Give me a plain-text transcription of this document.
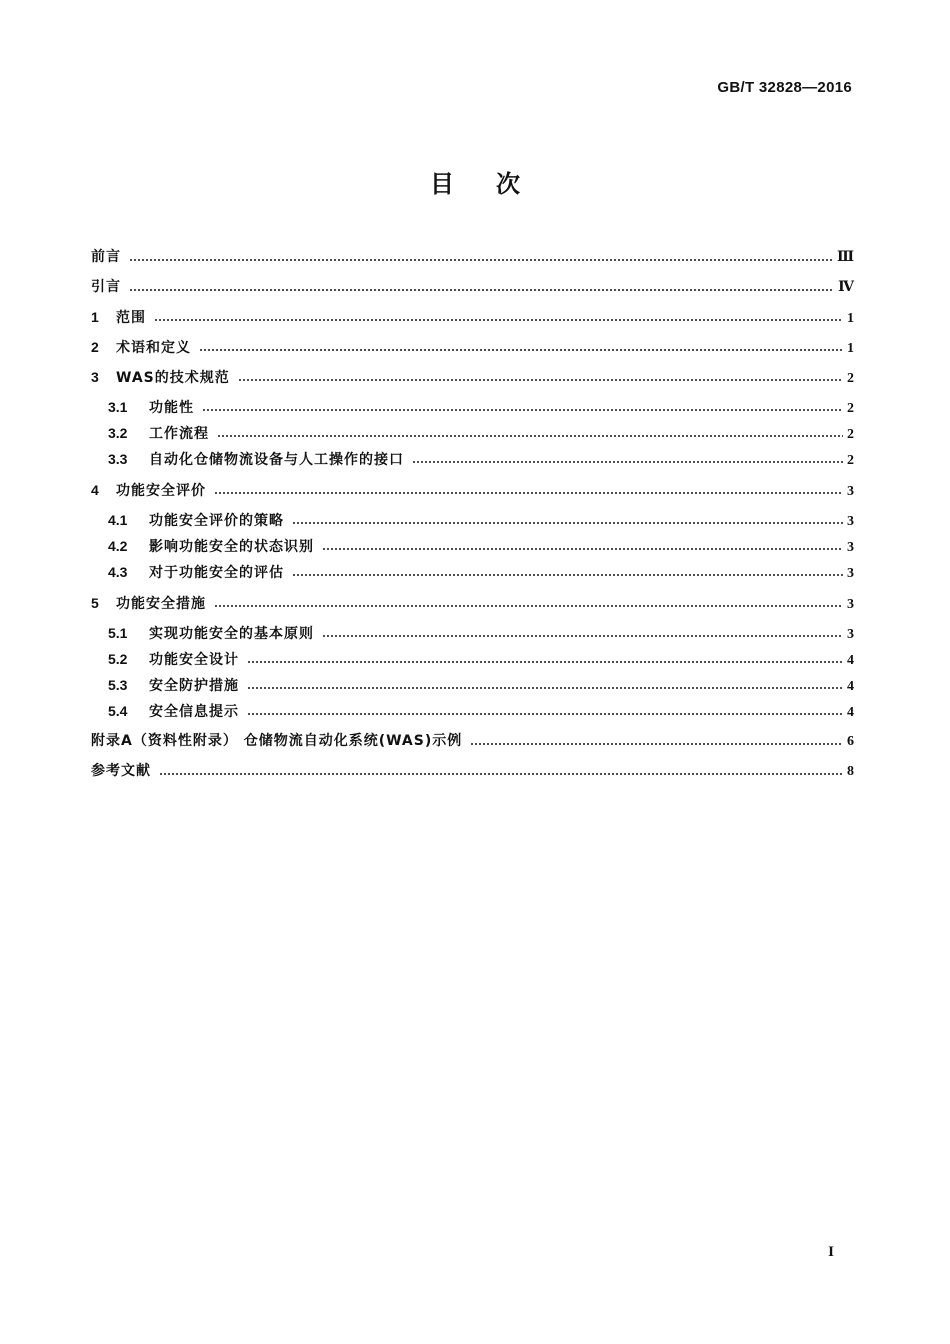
GB/T 32828—2016
目 次
前言	Ⅲ
引言	Ⅳ
1	范围	1
2	术语和定义	1
3	WAS的技术规范	2
3.1	功能性	2
3.2	工作流程	2
3.3	自动化仓储物流设备与人工操作的接口	2
4	功能安全评价	3
4.1	功能安全评价的策略	3
4.2	影响功能安全的状态识别	3
4.3	对于功能安全的评估	3
5	功能安全措施	3
5.1	实现功能安全的基本原则	3
5.2	功能安全设计	4
5.3	安全防护措施	4
5.4	安全信息提示	4
附录A（资料性附录） 仓储物流自动化系统(WAS)示例	6
参考文献	8
I
